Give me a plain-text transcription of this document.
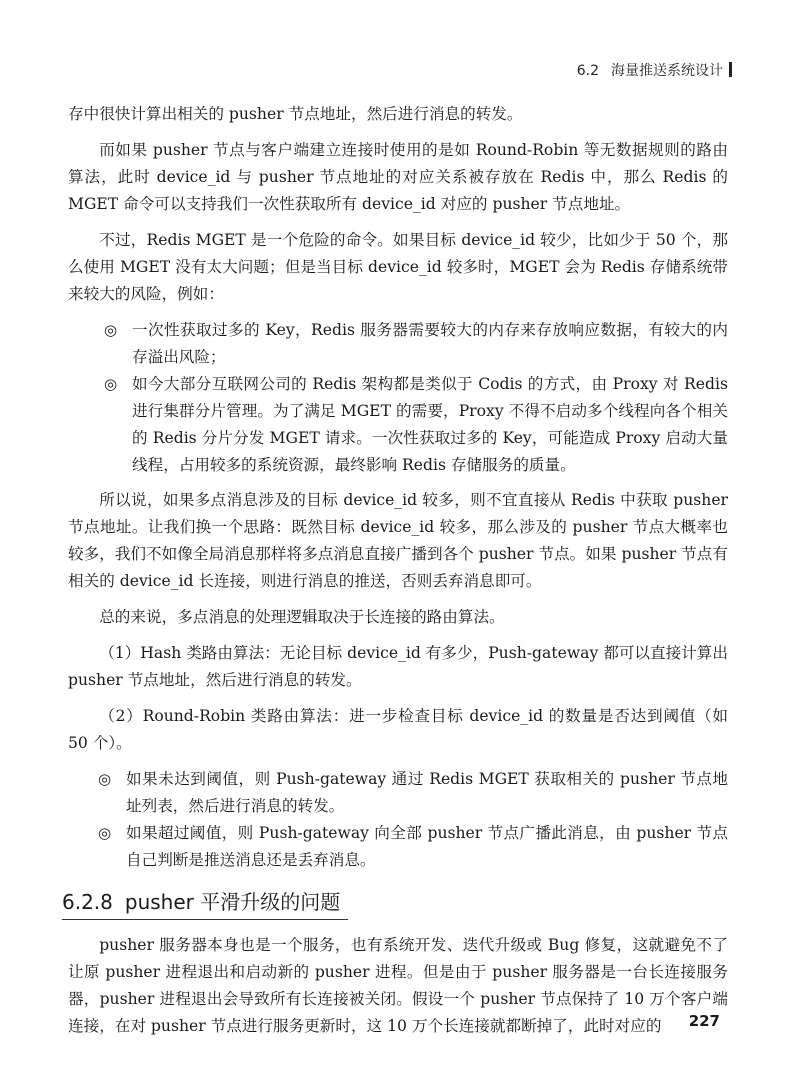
6.2 海量推送系统设计

存中很快计算出相关的 pusher 节点地址，然后进行消息的转发。

而如果 pusher 节点与客户端建立连接时使用的是如 Round-Robin 等无数据规则的路由算法，此时 device_id 与 pusher 节点地址的对应关系被存放在 Redis 中，那么 Redis 的 MGET 命令可以支持我们一次性获取所有 device_id 对应的 pusher 节点地址。

不过，Redis MGET 是一个危险的命令。如果目标 device_id 较少，比如少于 50 个，那么使用 MGET 没有太大问题；但是当目标 device_id 较多时，MGET 会为 Redis 存储系统带来较大的风险，例如：

◎ 一次性获取过多的 Key，Redis 服务器需要较大的内存来存放响应数据，有较大的内存溢出风险；
◎ 如今大部分互联网公司的 Redis 架构都是类似于 Codis 的方式，由 Proxy 对 Redis 进行集群分片管理。为了满足 MGET 的需要，Proxy 不得不启动多个线程向各个相关的 Redis 分片分发 MGET 请求。一次性获取过多的 Key，可能造成 Proxy 启动大量线程，占用较多的系统资源，最终影响 Redis 存储服务的质量。

所以说，如果多点消息涉及的目标 device_id 较多，则不宜直接从 Redis 中获取 pusher 节点地址。让我们换一个思路：既然目标 device_id 较多，那么涉及的 pusher 节点大概率也较多，我们不如像全局消息那样将多点消息直接广播到各个 pusher 节点。如果 pusher 节点有相关的 device_id 长连接，则进行消息的推送，否则丢弃消息即可。

总的来说，多点消息的处理逻辑取决于长连接的路由算法。

（1）Hash 类路由算法：无论目标 device_id 有多少，Push-gateway 都可以直接计算出 pusher 节点地址，然后进行消息的转发。

（2）Round-Robin 类路由算法：进一步检查目标 device_id 的数量是否达到阈值（如 50 个）。

◎ 如果未达到阈值，则 Push-gateway 通过 Redis MGET 获取相关的 pusher 节点地址列表，然后进行消息的转发。
◎ 如果超过阈值，则 Push-gateway 向全部 pusher 节点广播此消息，由 pusher 节点自己判断是推送消息还是丢弃消息。
6.2.8 pusher 平滑升级的问题

pusher 服务器本身也是一个服务，也有系统开发、迭代升级或 Bug 修复，这就避免不了让原 pusher 进程退出和启动新的 pusher 进程。但是由于 pusher 服务器是一台长连接服务器，pusher 进程退出会导致所有长连接被关闭。假设一个 pusher 节点保持了 10 万个客户端连接，在对 pusher 节点进行服务更新时，这 10 万个长连接就都断掉了，此时对应的	227
